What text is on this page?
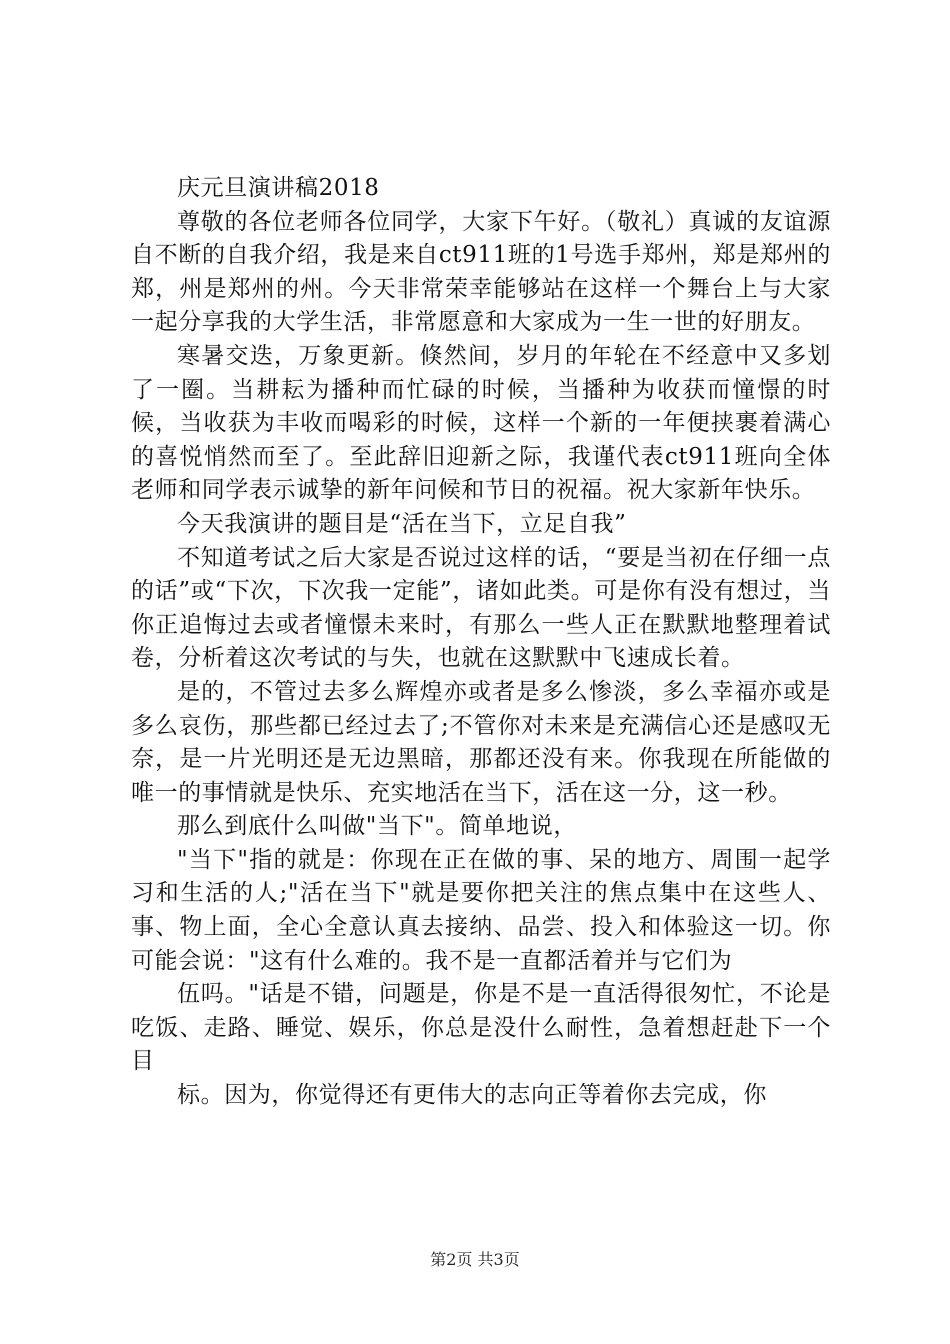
庆元旦演讲稿2018

尊敬的各位老师各位同学，大家下午好。（敬礼）真诚的友谊源自不断的自我介绍，我是来自ct911班的1号选手郑州，郑是郑州的郑，州是郑州的州。今天非常荣幸能够站在这样一个舞台上与大家一起分享我的大学生活，非常愿意和大家成为一生一世的好朋友。

寒暑交迭，万象更新。倏然间，岁月的年轮在不经意中又多划了一圈。当耕耘为播种而忙碌的时候，当播种为收获而憧憬的时候，当收获为丰收而喝彩的时候，这样一个新的一年便挟裹着满心的喜悦悄然而至了。至此辞旧迎新之际，我谨代表ct911班向全体老师和同学表示诚挚的新年问候和节日的祝福。祝大家新年快乐。

今天我演讲的题目是“活在当下，立足自我”

不知道考试之后大家是否说过这样的话，“要是当初在仔细一点的话”或“下次，下次我一定能”，诸如此类。可是你有没有想过，当你正追悔过去或者憧憬未来时，有那么一些人正在默默地整理着试卷，分析着这次考试的与失，也就在这默默中飞速成长着。

是的，不管过去多么辉煌亦或者是多么惨淡，多么幸福亦或是多么哀伤，那些都已经过去了;不管你对未来是充满信心还是感叹无奈，是一片光明还是无边黑暗，那都还没有来。你我现在所能做的唯一的事情就是快乐、充实地活在当下，活在这一分，这一秒。

那么到底什么叫做"当下"。简单地说，

"当下"指的就是：你现在正在做的事、呆的地方、周围一起学习和生活的人;"活在当下"就是要你把关注的焦点集中在这些人、事、物上面，全心全意认真去接纳、品尝、投入和体验这一切。你可能会说："这有什么难的。我不是一直都活着并与它们为

伍吗。"话是不错，问题是，你是不是一直活得很匆忙，不论是吃饭、走路、睡觉、娱乐，你总是没什么耐性，急着想赶赴下一个目

标。因为，你觉得还有更伟大的志向正等着你去完成，你

第2页 共3页
